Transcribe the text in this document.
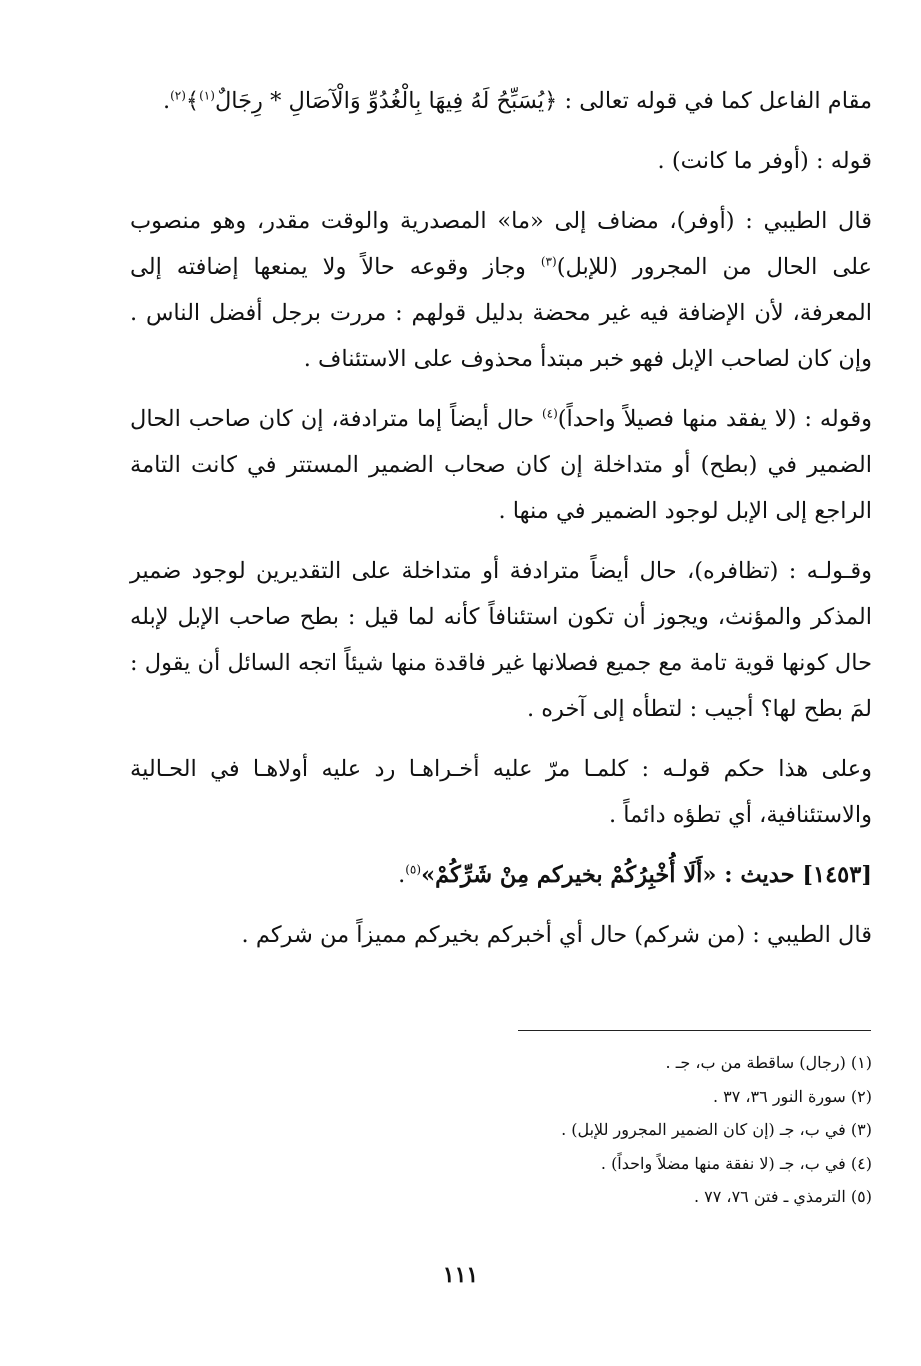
مقام الفاعل كما في قوله تعالى : ﴿يُسَبِّحُ لَهُ فِيهَا بِالْغُدُوِّ وَالْآصَالِ * رِجَالٌ$^{(١)}$﴾$^{(٢)}$.

قوله : (أوفر ما كانت) .

قال الطيبي : (أوفر)، مضاف إلى «ما» المصدرية والوقت مقدر، وهو منصوب على الحال من المجرور (للإبل)$^{(٣)}$ وجاز وقوعه حالاً ولا يمنعها إضافته إلى المعرفة، لأن الإضافة فيه غير محضة بدليل قولهم : مررت برجل أفضل الناس . وإن كان لصاحب الإبل فهو خبر مبتدأ محذوف على الاستئناف .

وقوله : (لا يفقد منها فصيلاً واحداً)$^{(٤)}$ حال أيضاً إما مترادفة، إن كان صاحب الحال الضمير في (بطح) أو متداخلة إن كان صحاب الضمير المستتر في كانت التامة الراجع إلى الإبل لوجود الضمير في منها .

وقـولـه : (تظافره)، حال أيضاً مترادفة أو متداخلة على التقديرين لوجود ضمير المذكر والمؤنث، ويجوز أن تكون استئنافاً كأنه لما قيل : بطح صاحب الإبل لإبله حال كونها قوية تامة مع جميع فصلانها غير فاقدة منها شيئاً اتجه السائل أن يقول : لمَ بطح لها؟ أجيب : لتطأه إلى آخره .

وعلى هذا حكم قولـه : كلمـا مرّ عليه أخـراهـا رد عليه أولاهـا في الحـالية والاستئنافية، أي تطؤه دائماً .

[١٤٥٣] حديث : «أَلَا أُخْبِرُكُمْ بخيركم مِنْ شَرِّكُمْ»$^{(٥)}$.

قال الطيبي : (من شركم) حال أي أخبركم بخيركم مميزاً من شركم .

(١) (رجال) ساقطة من ب، جـ .

(٢) سورة النور ٣٦، ٣٧ .

(٣) في ب، جـ (إن كان الضمير المجرور للإبل) .

(٤) في ب، جـ (لا نفقة منها مضلاً واحداً) .

(٥) الترمذي ـ فتن ٧٦، ٧٧ .

١١١
